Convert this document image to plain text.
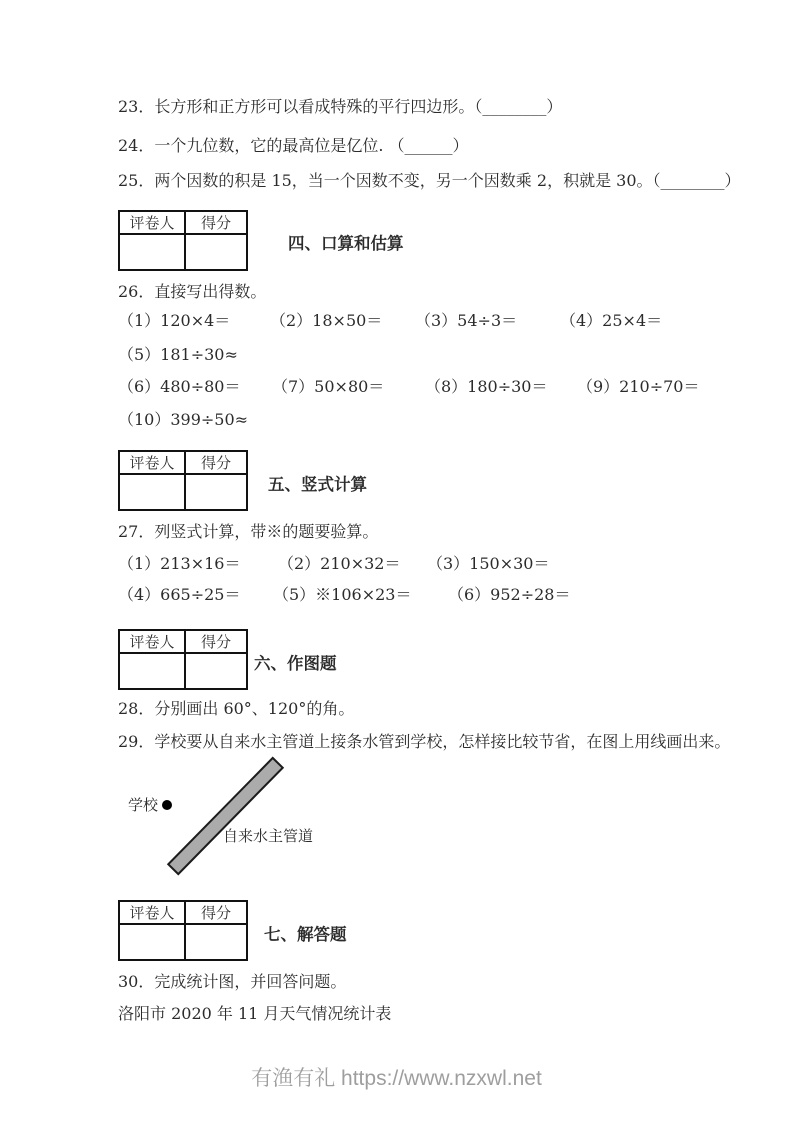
23．长方形和正方形可以看成特殊的平行四边形。（________）
24．一个九位数，它的最高位是亿位. （______）
25．两个因数的积是 15，当一个因数不变，另一个因数乘 2，积就是 30。（________）
评卷人	得分

四、口算和估算
26．直接写出得数。
（1）120×4＝ （2）18×50＝ （3）54÷3＝	（4）25×4＝
（5）181÷30≈
（6）480÷80＝ （7）50×80＝	（8）180÷30＝ （9）210÷70＝
（10）399÷50≈
评卷人	得分

五、竖式计算
27．列竖式计算，带※的题要验算。
（1）213×16＝ （2）210×32＝ （3）150×30＝
（4）665÷25＝ （5）※106×23＝ （6）952÷28＝
评卷人	得分

六、作图题
28．分别画出 60°、120°的角。
29．学校要从自来水主管道上接条水管到学校，怎样接比较节省，在图上用线画出来。
学校
自来水主管道
评卷人	得分

七、解答题
30．完成统计图，并回答问题。
洛阳市 2020 年 11 月天气情况统计表
有渔有礼 https://www.nzxwl.net
